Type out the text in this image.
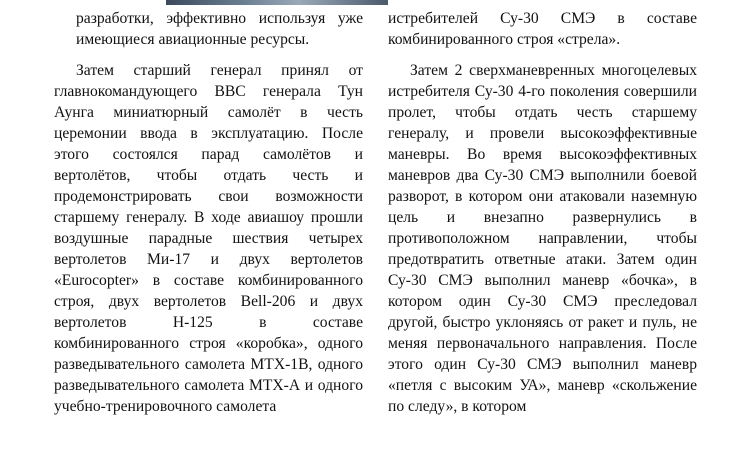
разработки, эффективно используя уже имеющиеся авиационные ресурсы.

Затем старший генерал принял от главнокомандующего ВВС генерала Тун Аунга миниатюрный самолёт в честь церемонии ввода в эксплуатацию. После этого состоялся парад самолётов и вертолётов, чтобы отдать честь и продемонстрировать свои возможности старшему генералу. В ходе авиашоу прошли воздушные парадные шествия четырех вертолетов Ми-17 и двух вертолетов «Eurocopter» в составе комбинированного строя, двух вертолетов Bell-206 и двух вертолетов Н-125 в составе комбинированного строя «коробка», одного разведывательного самолета МТХ-1В, одного разведывательного самолета МТХ-А и одного учебно-тренировочного самолета

истребителей Су-30 СМЭ в составе комбинированного строя «стрела».

Затем 2 сверхманевренных многоцелевых истребителя Су-30 4-го поколения совершили пролет, чтобы отдать честь старшему генералу, и провели высокоэффективные маневры. Во время высокоэффективных маневров два Су-30 СМЭ выполнили боевой разворот, в котором они атаковали наземную цель и внезапно развернулись в противоположном направлении, чтобы предотвратить ответные атаки. Затем один Су-30 СМЭ выполнил маневр «бочка», в котором один Су-30 СМЭ преследовал другой, быстро уклоняясь от ракет и пуль, не меняя первоначального направления. После этого один Су-30 СМЭ выполнил маневр «петля с высоким УА», маневр «скольжение по следу», в котором
